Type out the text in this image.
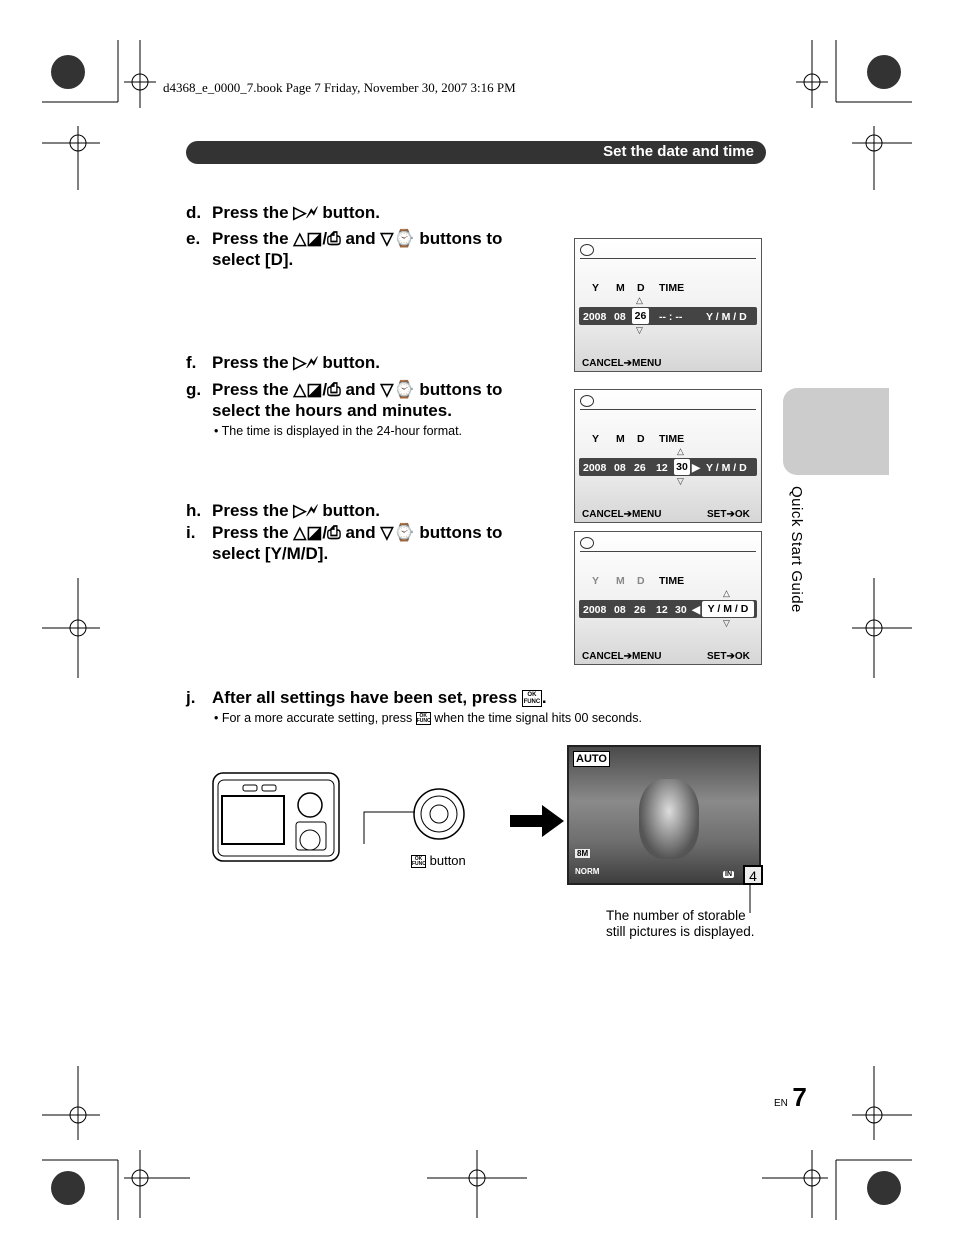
d4368_e_0000_7.book Page 7 Friday, November 30, 2007 3:16 PM
Set the date and time
d. Press the ▷🗲 button.
e. Press the △◪/⎙ and ▽⌚ buttons to
select [D].
f. Press the ▷🗲 button.
g. Press the △◪/⎙ and ▽⌚ buttons to
select the hours and minutes.
• The time is displayed in the 24-hour format.
h. Press the ▷🗲 button.
i. Press the △◪/⎙ and ▽⌚ buttons to
select [Y/M/D].
Y M D TIME
△
2008 08 26 -- : -- Y / M / D
▽
CANCEL➔MENU
Y M D TIME
△
2008 08 26 12 30 ▶ Y / M / D
▽
CANCEL➔MENU	SET➔OK
Y M D TIME
△
2008 08 26 12 30 ◀ Y / M / D
▽
CANCEL➔MENU	SET➔OK
Quick Start Guide
j. After all settings have been set, press OK
FUNC.
• For a more accurate setting, press OK
FUNC when the time signal hits 00 seconds.
OK
FUNC button
AUTO
8M
NORM	IN	4
The number of storable
still pictures is displayed.
EN 7
